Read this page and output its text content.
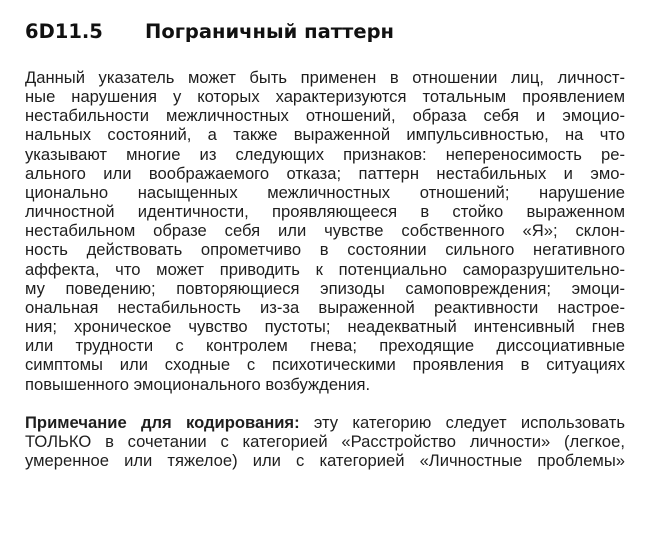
6D11.5	Пограничный паттерн

Данный указатель может быть применен в отношении лиц, личност-
ные нарушения у которых характеризуются тотальным проявлением
нестабильности межличностных отношений, образа себя и эмоцио-
нальных состояний, а также выраженной импульсивностью, на что
указывают многие из следующих признаков: непереносимость ре-
ального или воображаемого отказа; паттерн нестабильных и эмо-
ционально насыщенных межличностных отношений; нарушение
личностной идентичности, проявляющееся в стойко выраженном
нестабильном образе себя или чувстве собственного «Я»; склон-
ность действовать опрометчиво в состоянии сильного негативного
аффекта, что может приводить к потенциально саморазрушительно-
му поведению; повторяющиеся эпизоды самоповреждения; эмоци-
ональная нестабильность из-за выраженной реактивности настрое-
ния; хроническое чувство пустоты; неадекватный интенсивный гнев
или трудности с контролем гнева; преходящие диссоциативные
симптомы или сходные с психотическими проявления в ситуациях
повышенного эмоционального возбуждения.

Примечание для кодирования: эту категорию следует использовать
ТОЛЬКО в сочетании с категорией «Расстройство личности» (легкое,
умеренное или тяжелое) или с категорией «Личностные проблемы»
